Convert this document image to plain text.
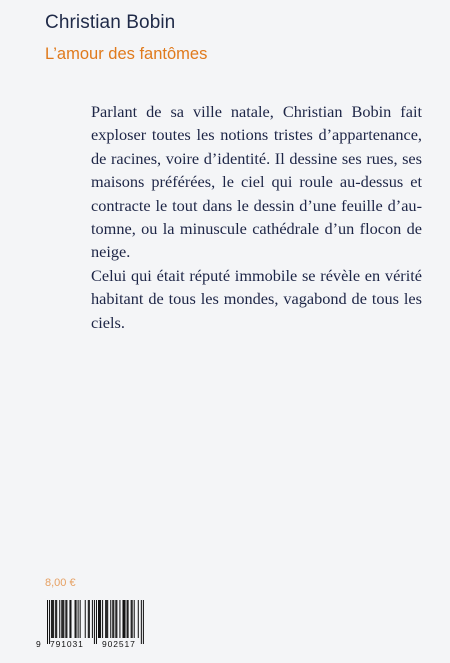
Christian Bobin
L’amour des fantômes

Parlant de sa ville natale, Christian Bobin fait exploser toutes les notions tristes d’appartenance, de racines, voire d’identité. Il dessine ses rues, ses maisons préférées, le ciel qui roule au-dessus et contracte le tout dans le dessin d’une feuille d’automne, ou la minuscule cathédrale d’un flocon de neige.

Celui qui était réputé immobile se révèle en vérité habitant de tous les mondes, vagabond de tous les ciels.

8,00 €
9 791031 902517
